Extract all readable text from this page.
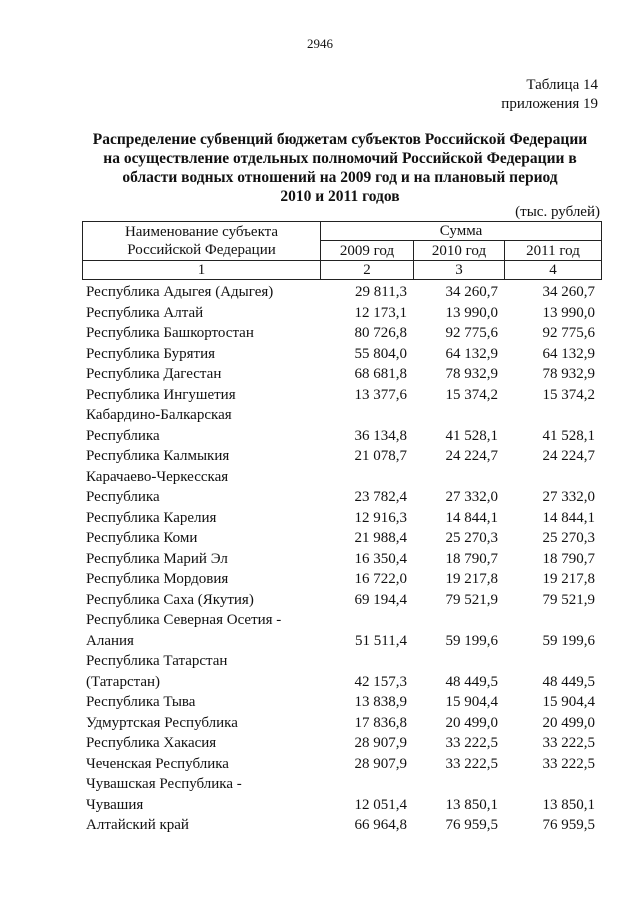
2946
Таблица 14
приложения 19
Распределение субвенций бюджетам субъектов Российской Федерации
на осуществление отдельных полномочий Российской Федерации в
области водных отношений на 2009 год и на плановый период
2010 и 2011 годов
(тыс. рублей)
Наименование субъекта
Российской Федерации	Сумма		
	2009 год	2010 год	2011 год
1	2	3	4
Республика Адыгея (Адыгея)	29 811,3	34 260,7	34 260,7

Республика Алтай	12 173,1	13 990,0	13 990,0

Республика Башкортостан	80 726,8	92 775,6	92 775,6

Республика Бурятия	55 804,0	64 132,9	64 132,9

Республика Дагестан	68 681,8	78 932,9	78 932,9

Республика Ингушетия	13 377,6	15 374,2	15 374,2

Кабардино-Балкарская
Республика	36 134,8	41 528,1	41 528,1

Республика Калмыкия	21 078,7	24 224,7	24 224,7

Карачаево-Черкесская
Республика	23 782,4	27 332,0	27 332,0

Республика Карелия	12 916,3	14 844,1	14 844,1

Республика Коми	21 988,4	25 270,3	25 270,3

Республика Марий Эл	16 350,4	18 790,7	18 790,7

Республика Мордовия	16 722,0	19 217,8	19 217,8

Республика Саха (Якутия)	69 194,4	79 521,9	79 521,9

Республика Северная Осетия -
Алания	51 511,4	59 199,6	59 199,6

Республика Татарстан
(Татарстан)	42 157,3	48 449,5	48 449,5

Республика Тыва	13 838,9	15 904,4	15 904,4

Удмуртская Республика	17 836,8	20 499,0	20 499,0

Республика Хакасия	28 907,9	33 222,5	33 222,5

Чеченская Республика	28 907,9	33 222,5	33 222,5

Чувашская Республика -
Чувашия	12 051,4	13 850,1	13 850,1

Алтайский край	66 964,8	76 959,5	76 959,5
